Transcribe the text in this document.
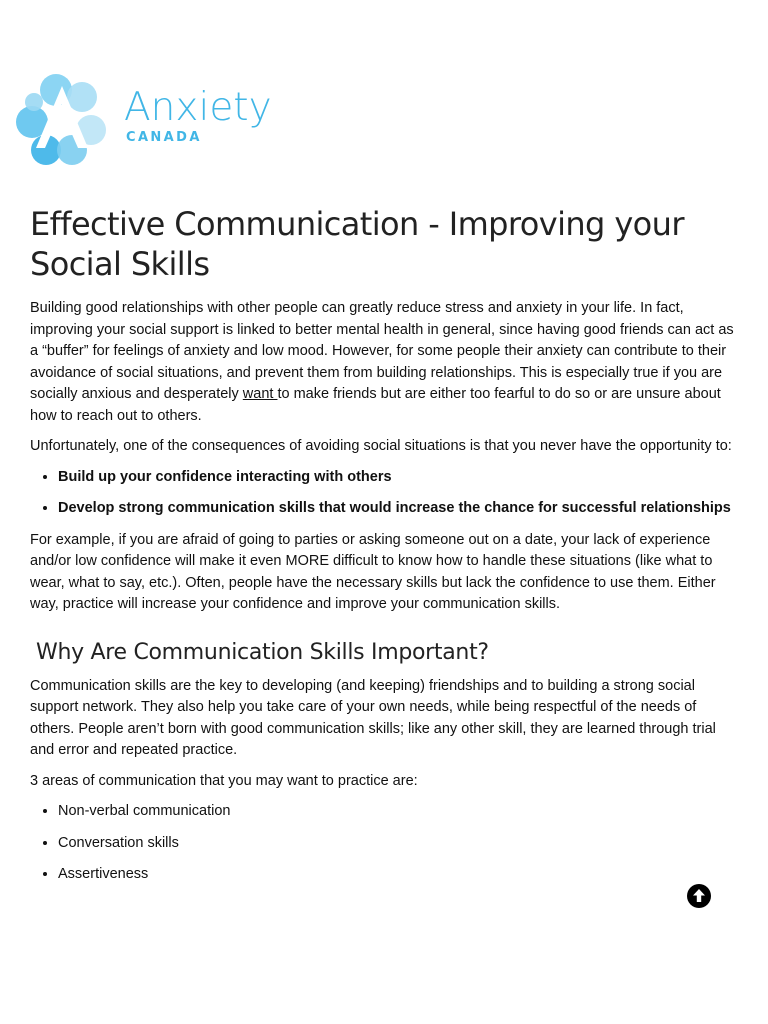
Anxiety
CANADA
Effective Communication - Improving your Social Skills

Building good relationships with other people can greatly reduce stress and anxiety in your life. In fact, improving your social support is linked to better mental health in general, since having good friends can act as a “buffer” for feelings of anxiety and low mood. However, for some people their anxiety can contribute to their avoidance of social situations, and prevent them from building relationships. This is especially true if you are socially anxious and desperately want to make friends but are either too fearful to do so or are unsure about how to reach out to others.

Unfortunately, one of the consequences of avoiding social situations is that you never have the opportunity to:

• Build up your confidence interacting with others
• Develop strong communication skills that would increase the chance for successful relationships

For example, if you are afraid of going to parties or asking someone out on a date, your lack of experience and/or low confidence will make it even MORE difficult to know how to handle these situations (like what to wear, what to say, etc.). Often, people have the necessary skills but lack the confidence to use them. Either way, practice will increase your confidence and improve your communication skills.

Why Are Communication Skills Important?

Communication skills are the key to developing (and keeping) friendships and to building a strong social support network. They also help you take care of your own needs, while being respectful of the needs of others. People aren’t born with good communication skills; like any other skill, they are learned through trial and error and repeated practice.

3 areas of communication that you may want to practice are:

• Non-verbal communication
• Conversation skills
• Assertiveness
